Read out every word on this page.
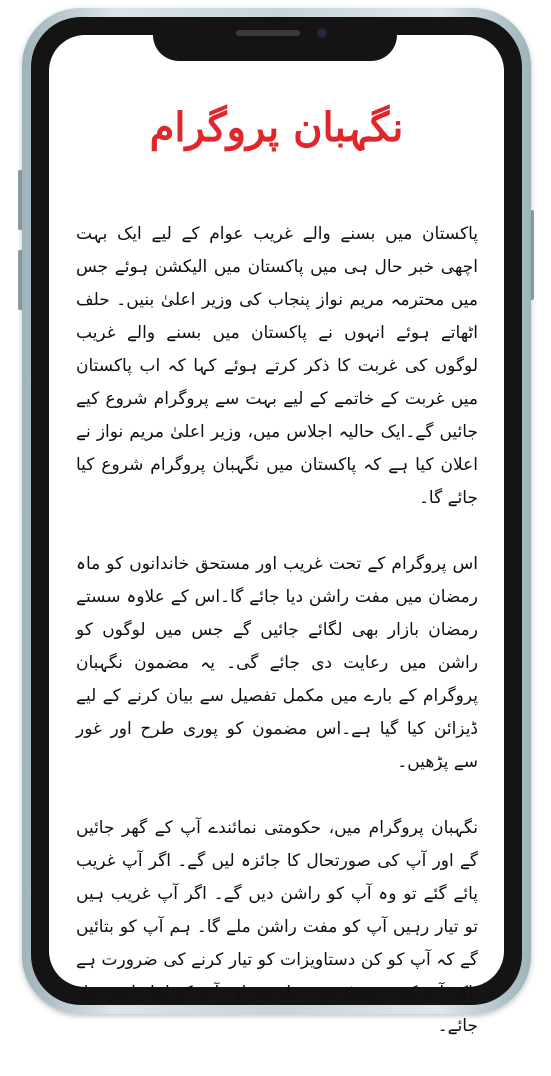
نگہبان پروگرام

پاکستان میں بسنے والے غریب عوام کے لیے ایک بہت اچھی خبر حال ہی میں پاکستان میں الیکشن ہوئے جس میں محترمہ مریم نواز پنجاب کی وزیر اعلیٰ بنیں۔ حلف اٹھاتے ہوئے انہوں نے پاکستان میں بسنے والے غریب لوگوں کی غربت کا ذکر کرتے ہوئے کہا کہ اب پاکستان میں غربت کے خاتمے کے لیے بہت سے پروگرام شروع کیے جائیں گے۔ایک حالیہ اجلاس میں، وزیر اعلیٰ مریم نواز نے اعلان کیا ہے کہ پاکستان میں نگہبان پروگرام شروع کیا جائے گا۔

اس پروگرام کے تحت غریب اور مستحق خاندانوں کو ماہ رمضان میں مفت راشن دیا جائے گا۔اس کے علاوہ سستے رمضان بازار بھی لگائے جائیں گے جس میں لوگوں کو راشن میں رعایت دی جائے گی۔ یہ مضمون نگہبان پروگرام کے بارے میں مکمل تفصیل سے بیان کرنے کے لیے ڈیزائن کیا گیا ہے۔اس مضمون کو پوری طرح اور غور سے پڑھیں۔

نگہبان پروگرام میں، حکومتی نمائندے آپ کے گھر جائیں گے اور آپ کی صورتحال کا جائزہ لیں گے۔ اگر آپ غریب پائے گئے تو وہ آپ کو راشن دیں گے۔ اگر آپ غریب ہیں تو تیار رہیں آپ کو مفت راشن ملے گا۔ ہم آپ کو بتائیں گے کہ آپ کو کن دستاویزات کو تیار کرنے کی ضرورت ہے تاکہ آپ کی رجسٹریشن جلد ہو اور آپ کو اپنا راشن مل جائے۔
